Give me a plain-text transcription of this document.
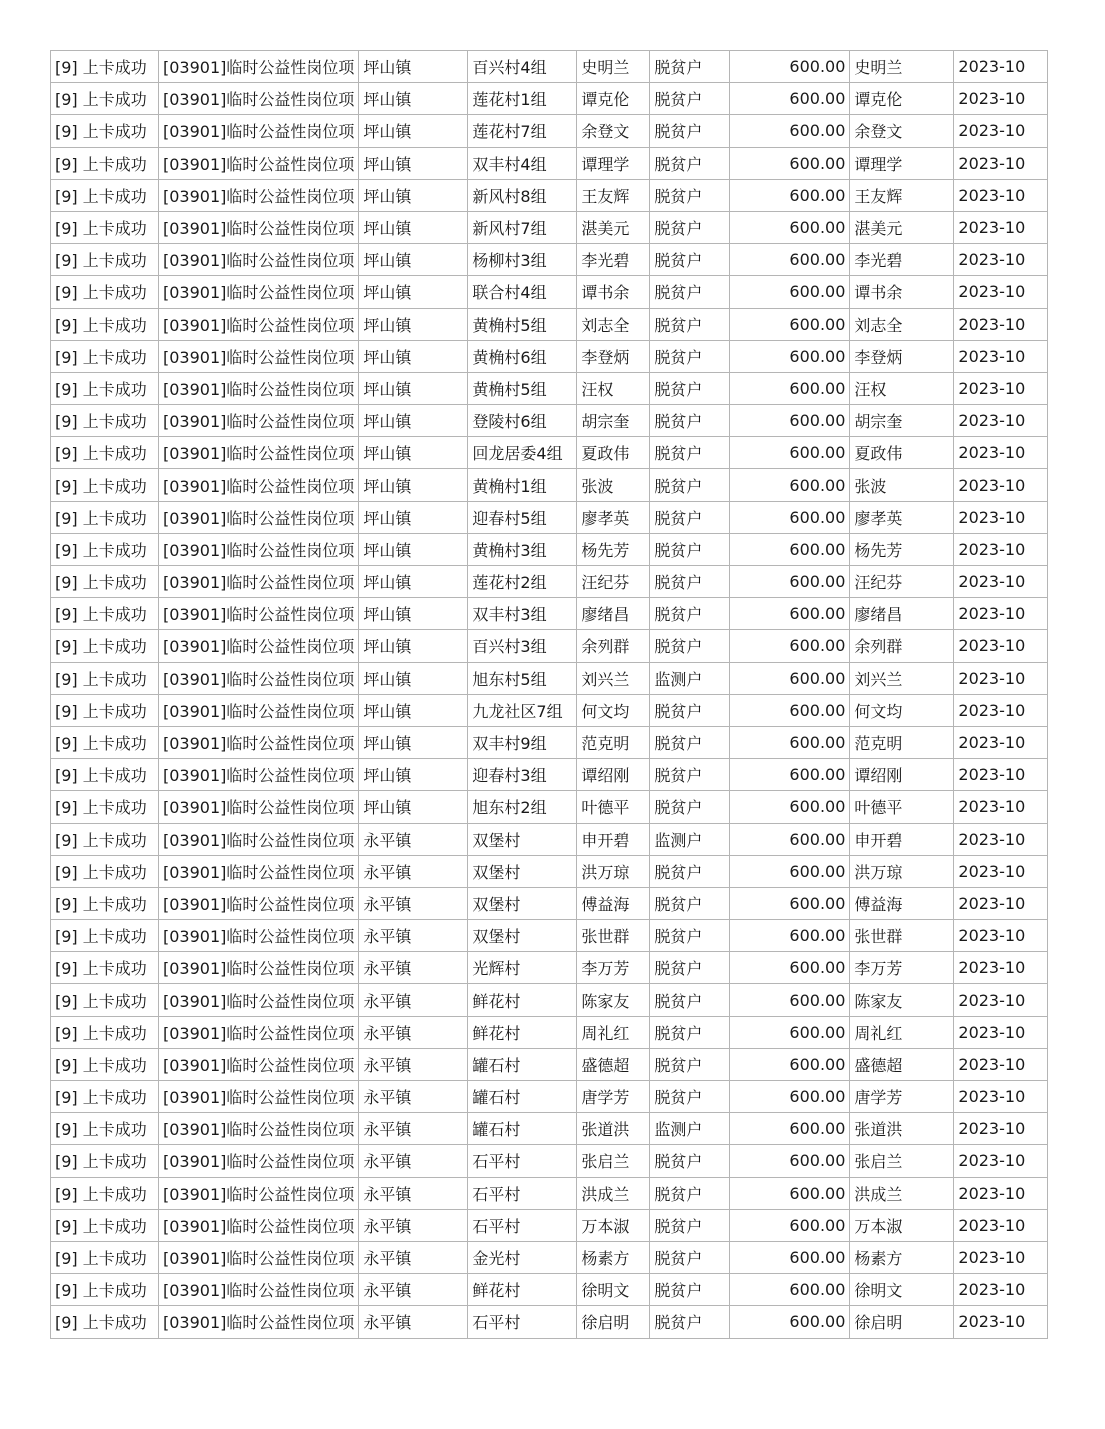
[9] 上卡成功	[03901]临时公益性岗位项	坪山镇	百兴村4组	史明兰	脱贫户	600.00	史明兰	2023-10
[9] 上卡成功	[03901]临时公益性岗位项	坪山镇	莲花村1组	谭克伦	脱贫户	600.00	谭克伦	2023-10
[9] 上卡成功	[03901]临时公益性岗位项	坪山镇	莲花村7组	余登文	脱贫户	600.00	余登文	2023-10
[9] 上卡成功	[03901]临时公益性岗位项	坪山镇	双丰村4组	谭理学	脱贫户	600.00	谭理学	2023-10
[9] 上卡成功	[03901]临时公益性岗位项	坪山镇	新风村8组	王友辉	脱贫户	600.00	王友辉	2023-10
[9] 上卡成功	[03901]临时公益性岗位项	坪山镇	新风村7组	湛美元	脱贫户	600.00	湛美元	2023-10
[9] 上卡成功	[03901]临时公益性岗位项	坪山镇	杨柳村3组	李光碧	脱贫户	600.00	李光碧	2023-10
[9] 上卡成功	[03901]临时公益性岗位项	坪山镇	联合村4组	谭书余	脱贫户	600.00	谭书余	2023-10
[9] 上卡成功	[03901]临时公益性岗位项	坪山镇	黄桷村5组	刘志全	脱贫户	600.00	刘志全	2023-10
[9] 上卡成功	[03901]临时公益性岗位项	坪山镇	黄桷村6组	李登炳	脱贫户	600.00	李登炳	2023-10
[9] 上卡成功	[03901]临时公益性岗位项	坪山镇	黄桷村5组	汪权	脱贫户	600.00	汪权	2023-10
[9] 上卡成功	[03901]临时公益性岗位项	坪山镇	登陵村6组	胡宗奎	脱贫户	600.00	胡宗奎	2023-10
[9] 上卡成功	[03901]临时公益性岗位项	坪山镇	回龙居委4组	夏政伟	脱贫户	600.00	夏政伟	2023-10
[9] 上卡成功	[03901]临时公益性岗位项	坪山镇	黄桷村1组	张波	脱贫户	600.00	张波	2023-10
[9] 上卡成功	[03901]临时公益性岗位项	坪山镇	迎春村5组	廖孝英	脱贫户	600.00	廖孝英	2023-10
[9] 上卡成功	[03901]临时公益性岗位项	坪山镇	黄桷村3组	杨先芳	脱贫户	600.00	杨先芳	2023-10
[9] 上卡成功	[03901]临时公益性岗位项	坪山镇	莲花村2组	汪纪芬	脱贫户	600.00	汪纪芬	2023-10
[9] 上卡成功	[03901]临时公益性岗位项	坪山镇	双丰村3组	廖绪昌	脱贫户	600.00	廖绪昌	2023-10
[9] 上卡成功	[03901]临时公益性岗位项	坪山镇	百兴村3组	余列群	脱贫户	600.00	余列群	2023-10
[9] 上卡成功	[03901]临时公益性岗位项	坪山镇	旭东村5组	刘兴兰	监测户	600.00	刘兴兰	2023-10
[9] 上卡成功	[03901]临时公益性岗位项	坪山镇	九龙社区7组	何文均	脱贫户	600.00	何文均	2023-10
[9] 上卡成功	[03901]临时公益性岗位项	坪山镇	双丰村9组	范克明	脱贫户	600.00	范克明	2023-10
[9] 上卡成功	[03901]临时公益性岗位项	坪山镇	迎春村3组	谭绍刚	脱贫户	600.00	谭绍刚	2023-10
[9] 上卡成功	[03901]临时公益性岗位项	坪山镇	旭东村2组	叶德平	脱贫户	600.00	叶德平	2023-10
[9] 上卡成功	[03901]临时公益性岗位项	永平镇	双堡村	申开碧	监测户	600.00	申开碧	2023-10
[9] 上卡成功	[03901]临时公益性岗位项	永平镇	双堡村	洪万琼	脱贫户	600.00	洪万琼	2023-10
[9] 上卡成功	[03901]临时公益性岗位项	永平镇	双堡村	傅益海	脱贫户	600.00	傅益海	2023-10
[9] 上卡成功	[03901]临时公益性岗位项	永平镇	双堡村	张世群	脱贫户	600.00	张世群	2023-10
[9] 上卡成功	[03901]临时公益性岗位项	永平镇	光辉村	李万芳	脱贫户	600.00	李万芳	2023-10
[9] 上卡成功	[03901]临时公益性岗位项	永平镇	鲜花村	陈家友	脱贫户	600.00	陈家友	2023-10
[9] 上卡成功	[03901]临时公益性岗位项	永平镇	鲜花村	周礼红	脱贫户	600.00	周礼红	2023-10
[9] 上卡成功	[03901]临时公益性岗位项	永平镇	罐石村	盛德超	脱贫户	600.00	盛德超	2023-10
[9] 上卡成功	[03901]临时公益性岗位项	永平镇	罐石村	唐学芳	脱贫户	600.00	唐学芳	2023-10
[9] 上卡成功	[03901]临时公益性岗位项	永平镇	罐石村	张道洪	监测户	600.00	张道洪	2023-10
[9] 上卡成功	[03901]临时公益性岗位项	永平镇	石平村	张启兰	脱贫户	600.00	张启兰	2023-10
[9] 上卡成功	[03901]临时公益性岗位项	永平镇	石平村	洪成兰	脱贫户	600.00	洪成兰	2023-10
[9] 上卡成功	[03901]临时公益性岗位项	永平镇	石平村	万本淑	脱贫户	600.00	万本淑	2023-10
[9] 上卡成功	[03901]临时公益性岗位项	永平镇	金光村	杨素方	脱贫户	600.00	杨素方	2023-10
[9] 上卡成功	[03901]临时公益性岗位项	永平镇	鲜花村	徐明文	脱贫户	600.00	徐明文	2023-10
[9] 上卡成功	[03901]临时公益性岗位项	永平镇	石平村	徐启明	脱贫户	600.00	徐启明	2023-10
